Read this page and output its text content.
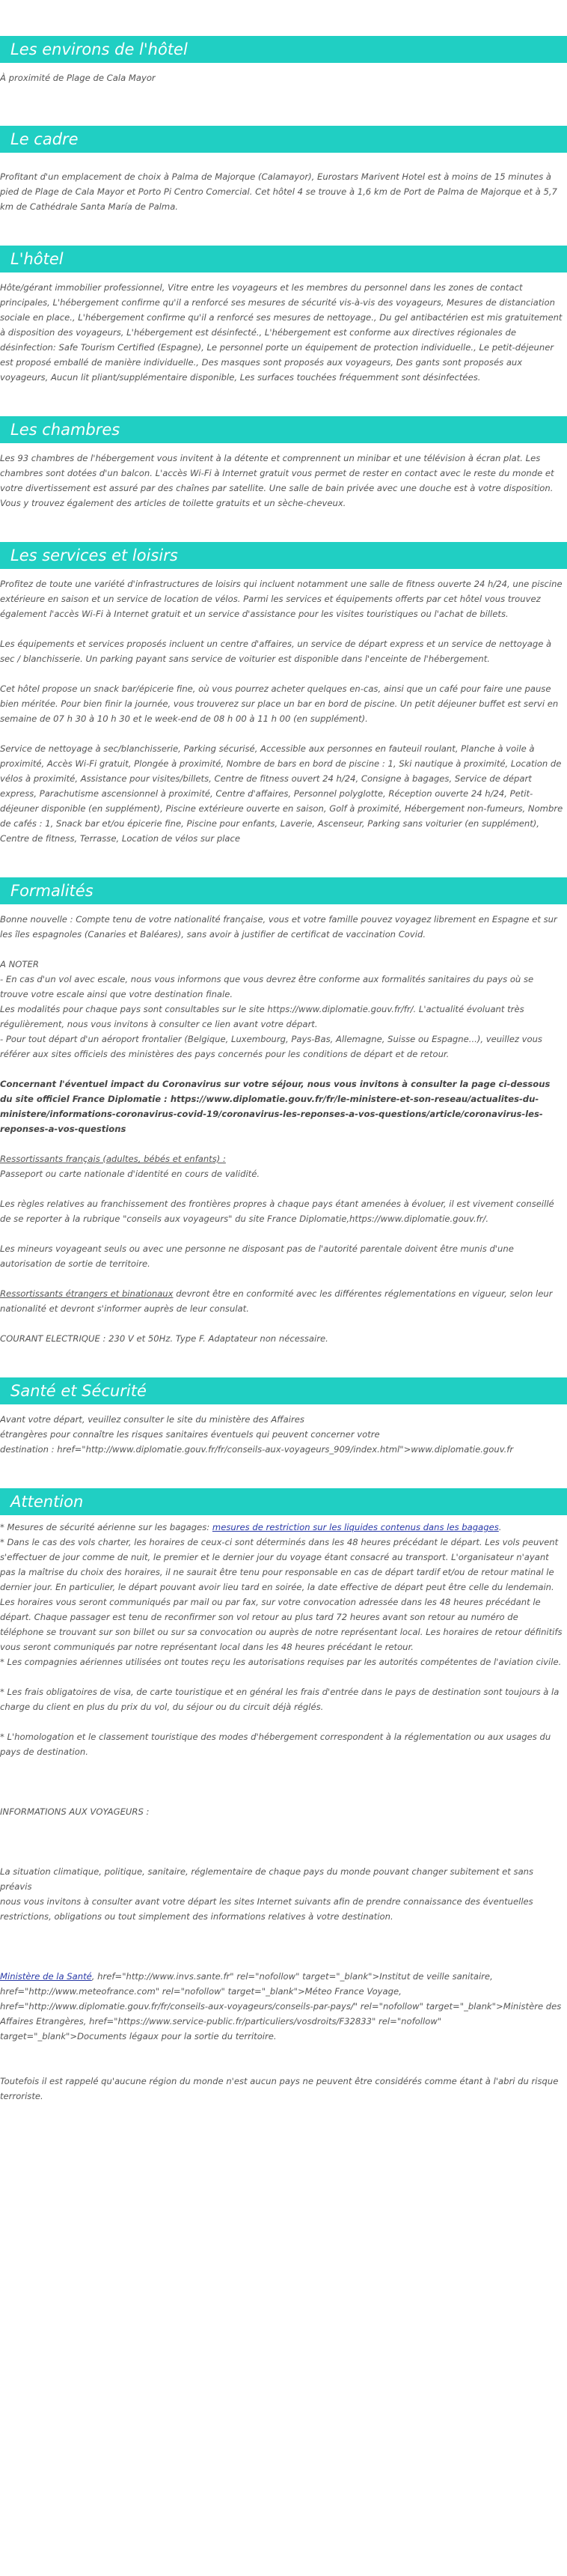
Les environs de l'hôtel

À proximité de Plage de Cala Mayor

Le cadre

Profitant d'un emplacement de choix à Palma de Majorque (Calamayor), Eurostars Marivent Hotel est à moins de 15 minutes à pied de Plage de Cala Mayor et Porto Pi Centro Comercial. Cet hôtel 4 se trouve à 1,6 km de Port de Palma de Majorque et à 5,7 km de Cathédrale Santa María de Palma.

L'hôtel

Hôte/gérant immobilier professionnel, Vitre entre les voyageurs et les membres du personnel dans les zones de contact principales, L'hébergement confirme qu'il a renforcé ses mesures de sécurité vis-à-vis des voyageurs, Mesures de distanciation sociale en place., L'hébergement confirme qu'il a renforcé ses mesures de nettoyage., Du gel antibactérien est mis gratuitement à disposition des voyageurs, L'hébergement est désinfecté., L'hébergement est conforme aux directives régionales de désinfection: Safe Tourism Certified (Espagne), Le personnel porte un équipement de protection individuelle., Le petit-déjeuner est proposé emballé de manière individuelle., Des masques sont proposés aux voyageurs, Des gants sont proposés aux voyageurs, Aucun lit pliant/supplémentaire disponible, Les surfaces touchées fréquemment sont désinfectées.

Les chambres

Les 93 chambres de l'hébergement vous invitent à la détente et comprennent un minibar et une télévision à écran plat. Les chambres sont dotées d'un balcon. L'accès Wi-Fi à Internet gratuit vous permet de rester en contact avec le reste du monde et votre divertissement est assuré par des chaînes par satellite. Une salle de bain privée avec une douche est à votre disposition. Vous y trouvez également des articles de toilette gratuits et un sèche-cheveux.

Les services et loisirs

Profitez de toute une variété d'infrastructures de loisirs qui incluent notamment une salle de fitness ouverte 24 h/24, une piscine extérieure en saison et un service de location de vélos. Parmi les services et équipements offerts par cet hôtel vous trouvez également l'accès Wi-Fi à Internet gratuit et un service d'assistance pour les visites touristiques ou l'achat de billets.

Les équipements et services proposés incluent un centre d'affaires, un service de départ express et un service de nettoyage à sec / blanchisserie. Un parking payant sans service de voiturier est disponible dans l'enceinte de l'hébergement.

Cet hôtel propose un snack bar/épicerie fine, où vous pourrez acheter quelques en-cas, ainsi que un café pour faire une pause bien méritée. Pour bien finir la journée, vous trouverez sur place un bar en bord de piscine. Un petit déjeuner buffet est servi en semaine de 07 h 30 à 10 h 30 et le week-end de 08 h 00 à 11 h 00 (en supplément).

Service de nettoyage à sec/blanchisserie, Parking sécurisé, Accessible aux personnes en fauteuil roulant, Planche à voile à proximité, Accès Wi-Fi gratuit, Plongée à proximité, Nombre de bars en bord de piscine : 1, Ski nautique à proximité, Location de vélos à proximité, Assistance pour visites/billets, Centre de fitness ouvert 24 h/24, Consigne à bagages, Service de départ express, Parachutisme ascensionnel à proximité, Centre d'affaires, Personnel polyglotte, Réception ouverte 24 h/24, Petit-déjeuner disponible (en supplément), Piscine extérieure ouverte en saison, Golf à proximité, Hébergement non-fumeurs, Nombre de cafés : 1, Snack bar et/ou épicerie fine, Piscine pour enfants, Laverie, Ascenseur, Parking sans voiturier (en supplément), Centre de fitness, Terrasse, Location de vélos sur place

Formalités

Bonne nouvelle : Compte tenu de votre nationalité française, vous et votre famille pouvez voyagez librement en Espagne et sur les îles espagnoles (Canaries et Baléares), sans avoir à justifier de certificat de vaccination Covid.

A NOTER

- En cas d'un vol avec escale, nous vous informons que vous devrez être conforme aux formalités sanitaires du pays où se trouve votre escale ainsi que votre destination finale.

Les modalités pour chaque pays sont consultables sur le site https://www.diplomatie.gouv.fr/fr/. L'actualité évoluant très régulièrement, nous vous invitons à consulter ce lien avant votre départ.

- Pour tout départ d'un aéroport frontalier (Belgique, Luxembourg, Pays-Bas, Allemagne, Suisse ou Espagne...), veuillez vous référer aux sites officiels des ministères des pays concernés pour les conditions de départ et de retour.

Concernant l'éventuel impact du Coronavirus sur votre séjour, nous vous invitons à consulter la page ci-dessous du site officiel France Diplomatie : https://www.diplomatie.gouv.fr/fr/le-ministere-et-son-reseau/actualites-du-ministere/informations-coronavirus-covid-19/coronavirus-les-reponses-a-vos-questions/article/coronavirus-les-reponses-a-vos-questions

Ressortissants français (adultes, bébés et enfants) :

Passeport ou carte nationale d'identité en cours de validité.

Les règles relatives au franchissement des frontières propres à chaque pays étant amenées à évoluer, il est vivement conseillé de se reporter à la rubrique "conseils aux voyageurs" du site France Diplomatie,https://www.diplomatie.gouv.fr/.

Les mineurs voyageant seuls ou avec une personne ne disposant pas de l'autorité parentale doivent être munis d'une autorisation de sortie de territoire.

Ressortissants étrangers et binationaux devront être en conformité avec les différentes réglementations en vigueur, selon leur nationalité et devront s'informer auprès de leur consulat.

COURANT ELECTRIQUE : 230 V et 50Hz. Type F. Adaptateur non nécessaire.

Santé et Sécurité

Avant votre départ, veuillez consulter le site du ministère des Affaires

étrangères pour connaître les risques sanitaires éventuels qui peuvent concerner votre

destination : href="http://www.diplomatie.gouv.fr/fr/conseils-aux-voyageurs_909/index.html">www.diplomatie.gouv.fr

Attention

* Mesures de sécurité aérienne sur les bagages: mesures de restriction sur les liquides contenus dans les bagages.

* Dans le cas des vols charter, les horaires de ceux-ci sont déterminés dans les 48 heures précédant le départ. Les vols peuvent s'effectuer de jour comme de nuit, le premier et le dernier jour du voyage étant consacré au transport. L'organisateur n'ayant pas la maîtrise du choix des horaires, il ne saurait être tenu pour responsable en cas de départ tardif et/ou de retour matinal le dernier jour. En particulier, le départ pouvant avoir lieu tard en soirée, la date effective de départ peut être celle du lendemain. Les horaires vous seront communiqués par mail ou par fax, sur votre convocation adressée dans les 48 heures précédant le départ. Chaque passager est tenu de reconfirmer son vol retour au plus tard 72 heures avant son retour au numéro de téléphone se trouvant sur son billet ou sur sa convocation ou auprès de notre représentant local. Les horaires de retour définitifs vous seront communiqués par notre représentant local dans les 48 heures précédant le retour.

* Les compagnies aériennes utilisées ont toutes reçu les autorisations requises par les autorités compétentes de l'aviation civile.

* Les frais obligatoires de visa, de carte touristique et en général les frais d'entrée dans le pays de destination sont toujours à la charge du client en plus du prix du vol, du séjour ou du circuit déjà réglés.

* L'homologation et le classement touristique des modes d'hébergement correspondent à la réglementation ou aux usages du pays de destination.

INFORMATIONS AUX VOYAGEURS :

La situation climatique, politique, sanitaire, réglementaire de chaque pays du monde pouvant changer subitement et sans préavis

nous vous invitons à consulter avant votre départ les sites Internet suivants afin de prendre connaissance des éventuelles restrictions, obligations ou tout simplement des informations relatives à votre destination.

Ministère de la Santé, href="http://www.invs.sante.fr" rel="nofollow" target="_blank">Institut de veille sanitaire, href="http://www.meteofrance.com" rel="nofollow" target="_blank">Méteo France Voyage, href="http://www.diplomatie.gouv.fr/fr/conseils-aux-voyageurs/conseils-par-pays/" rel="nofollow" target="_blank">Ministère des Affaires Etrangères, href="https://www.service-public.fr/particuliers/vosdroits/F32833" rel="nofollow" target="_blank">Documents légaux pour la sortie du territoire.

Toutefois il est rappelé qu'aucune région du monde n'est aucun pays ne peuvent être considérés comme étant à l'abri du risque terroriste.
